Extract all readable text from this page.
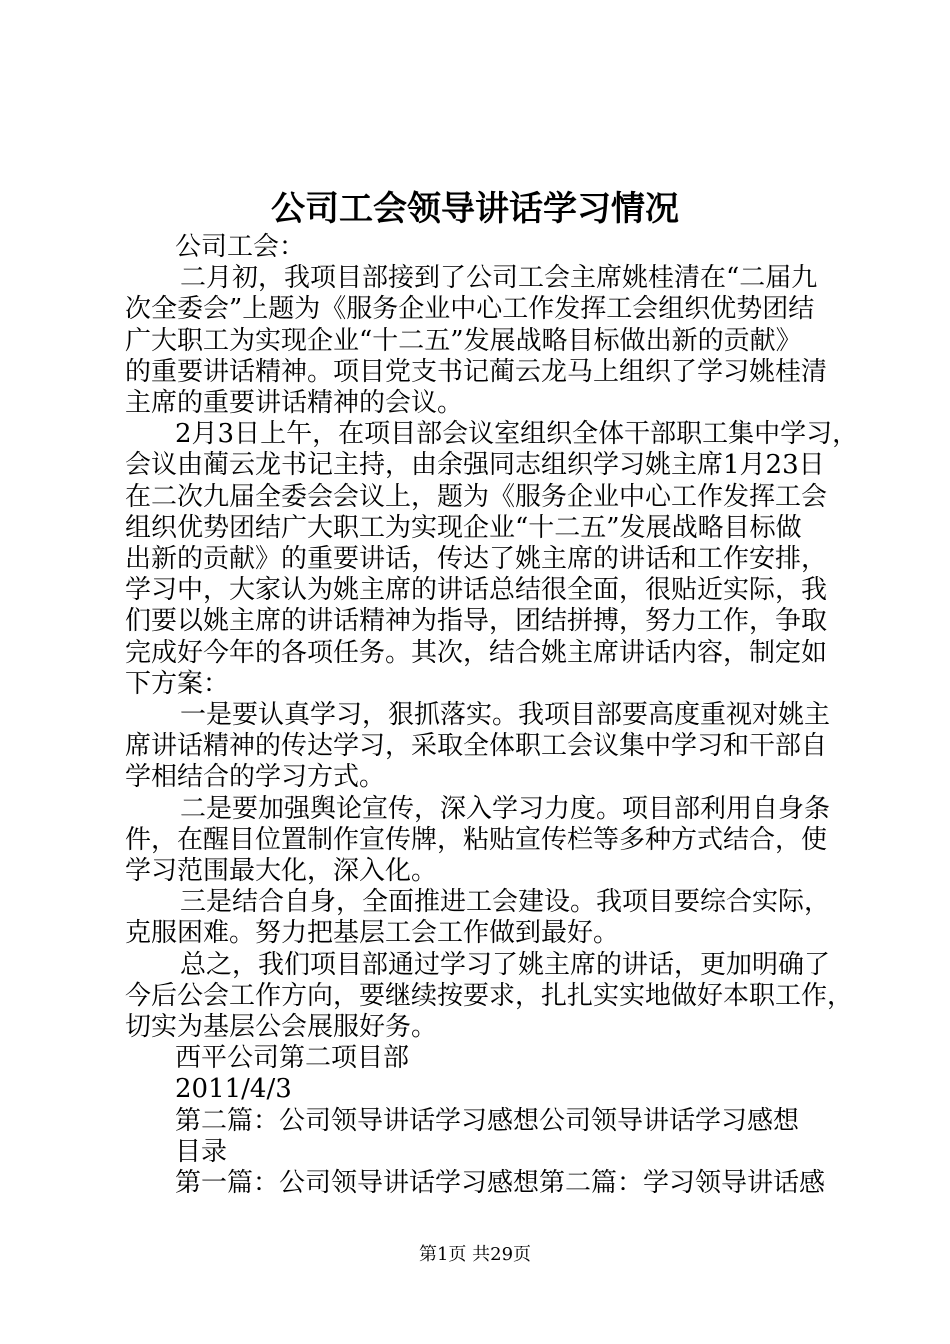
公司工会领导讲话学习情况

公司工会：

二月初，我项目部接到了公司工会主席姚桂清在“二届九

次全委会”上题为《服务企业中心工作发挥工会组织优势团结

广大职工为实现企业“十二五”发展战略目标做出新的贡献》

的重要讲话精神。项目党支书记蔺云龙马上组织了学习姚桂清

主席的重要讲话精神的会议。

2月3日上午，在项目部会议室组织全体干部职工集中学习，

会议由蔺云龙书记主持，由余强同志组织学习姚主席1月23日

在二次九届全委会会议上，题为《服务企业中心工作发挥工会

组织优势团结广大职工为实现企业“十二五”发展战略目标做

出新的贡献》的重要讲话，传达了姚主席的讲话和工作安排，

学习中，大家认为姚主席的讲话总结很全面，很贴近实际，我

们要以姚主席的讲话精神为指导，团结拼搏，努力工作，争取

完成好今年的各项任务。其次，结合姚主席讲话内容，制定如

下方案：

一是要认真学习，狠抓落实。我项目部要高度重视对姚主

席讲话精神的传达学习，采取全体职工会议集中学习和干部自

学相结合的学习方式。

二是要加强舆论宣传，深入学习力度。项目部利用自身条

件，在醒目位置制作宣传牌，粘贴宣传栏等多种方式结合，使

学习范围最大化，深入化。

三是结合自身，全面推进工会建设。我项目要综合实际，

克服困难。努力把基层工会工作做到最好。

总之，我们项目部通过学习了姚主席的讲话，更加明确了

今后公会工作方向，要继续按要求，扎扎实实地做好本职工作，

切实为基层公会展服好务。

西平公司第二项目部

2011/4/3

第二篇：公司领导讲话学习感想公司领导讲话学习感想

目录

第一篇：公司领导讲话学习感想第二篇：学习领导讲话感

第1页 共29页
